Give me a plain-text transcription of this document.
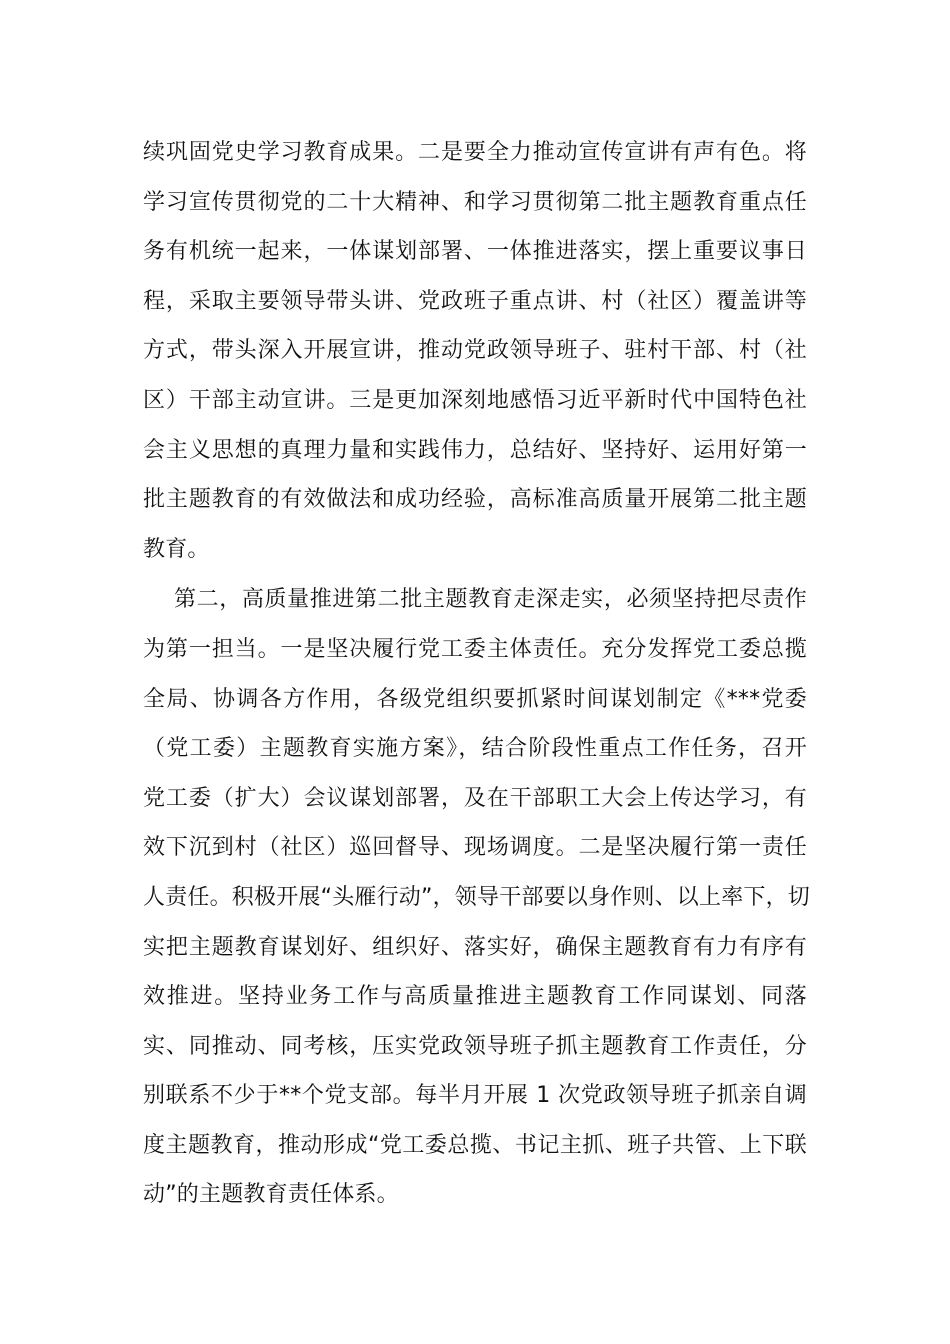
续巩固党史学习教育成果。二是要全力推动宣传宣讲有声有色。将
学习宣传贯彻党的二十大精神、和学习贯彻第二批主题教育重点任
务有机统一起来，一体谋划部署、一体推进落实，摆上重要议事日
程，采取主要领导带头讲、党政班子重点讲、村（社区）覆盖讲等
方式，带头深入开展宣讲，推动党政领导班子、驻村干部、村（社
区）干部主动宣讲。三是更加深刻地感悟习近平新时代中国特色社
会主义思想的真理力量和实践伟力，总结好、坚持好、运用好第一
批主题教育的有效做法和成功经验，高标准高质量开展第二批主题
教育。
第二，高质量推进第二批主题教育走深走实，必须坚持把尽责作
为第一担当。一是坚决履行党工委主体责任。充分发挥党工委总揽
全局、协调各方作用，各级党组织要抓紧时间谋划制定《***党委
（党工委）主题教育实施方案》，结合阶段性重点工作任务，召开
党工委（扩大）会议谋划部署，及在干部职工大会上传达学习，有
效下沉到村（社区）巡回督导、现场调度。二是坚决履行第一责任
人责任。积极开展“头雁行动”，领导干部要以身作则、以上率下，切
实把主题教育谋划好、组织好、落实好，确保主题教育有力有序有
效推进。坚持业务工作与高质量推进主题教育工作同谋划、同落
实、同推动、同考核，压实党政领导班子抓主题教育工作责任，分
别联系不少于**个党支部。每半月开展 1 次党政领导班子抓亲自调
度主题教育，推动形成“党工委总揽、书记主抓、班子共管、上下联
动”的主题教育责任体系。
